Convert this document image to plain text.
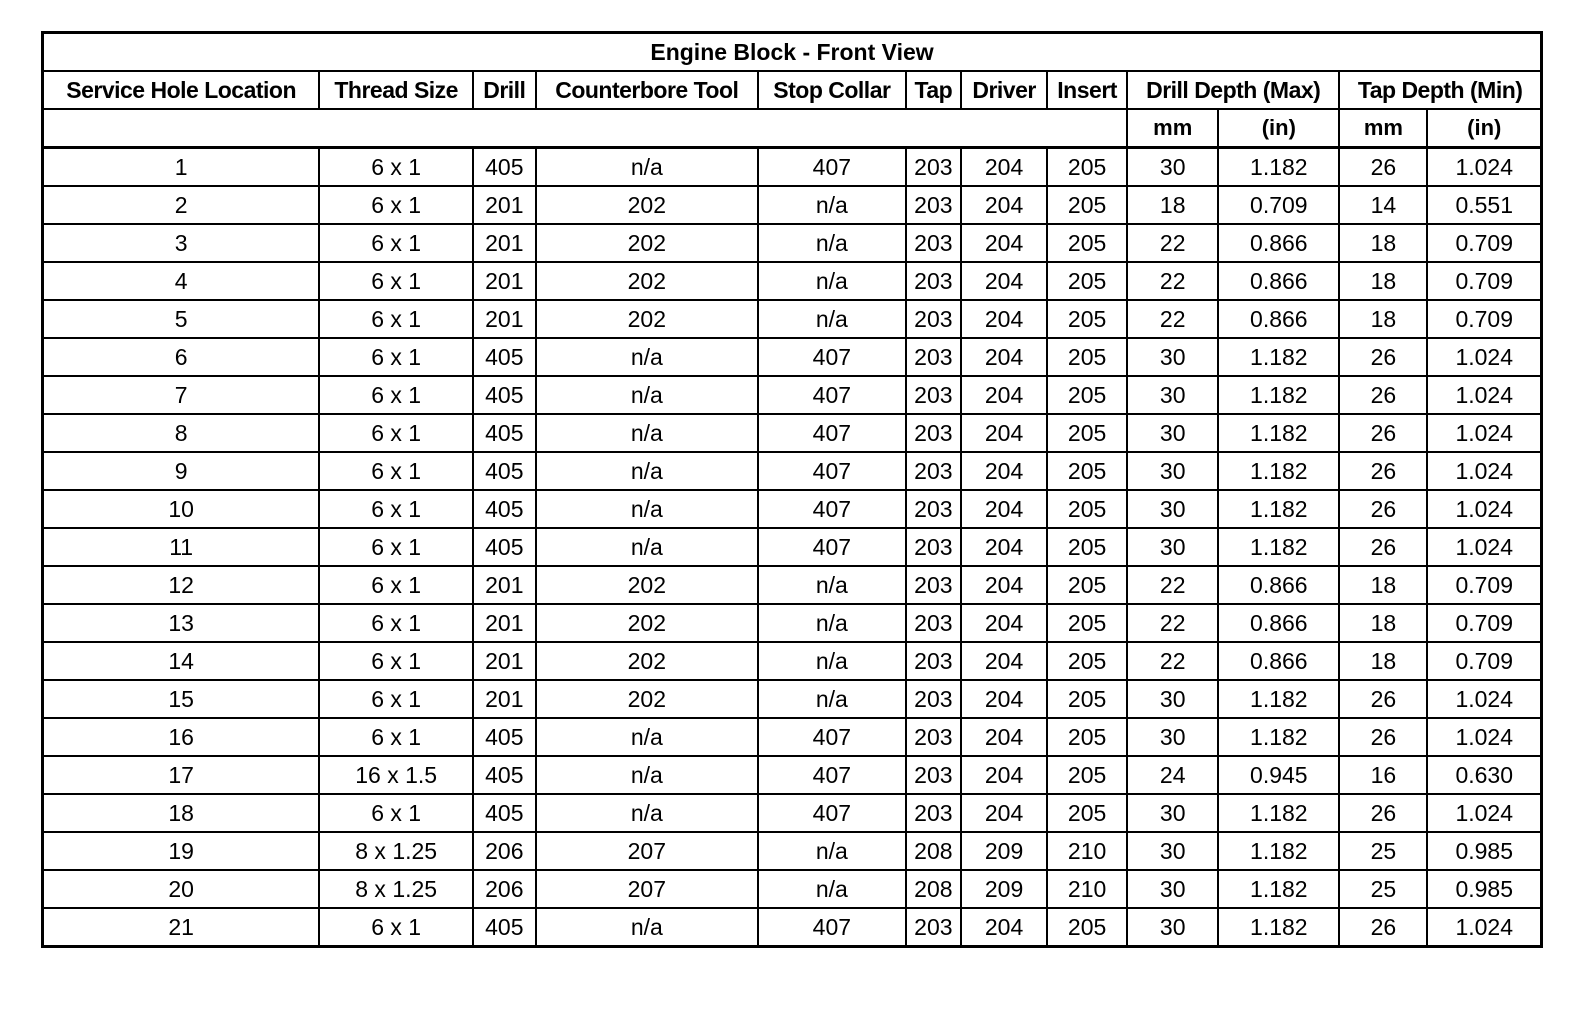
Engine Block - Front View											
Service Hole Location	Thread Size	Drill	Counterbore Tool	Stop Collar	Tap	Driver	Insert	Drill Depth (Max)		Tap Depth (Min)	
								mm	(in)	mm	(in)
1	6 x 1	405	n/a	407	203	204	205	30	1.182	26	1.024
2	6 x 1	201	202	n/a	203	204	205	18	0.709	14	0.551
3	6 x 1	201	202	n/a	203	204	205	22	0.866	18	0.709
4	6 x 1	201	202	n/a	203	204	205	22	0.866	18	0.709
5	6 x 1	201	202	n/a	203	204	205	22	0.866	18	0.709
6	6 x 1	405	n/a	407	203	204	205	30	1.182	26	1.024
7	6 x 1	405	n/a	407	203	204	205	30	1.182	26	1.024
8	6 x 1	405	n/a	407	203	204	205	30	1.182	26	1.024
9	6 x 1	405	n/a	407	203	204	205	30	1.182	26	1.024
10	6 x 1	405	n/a	407	203	204	205	30	1.182	26	1.024
11	6 x 1	405	n/a	407	203	204	205	30	1.182	26	1.024
12	6 x 1	201	202	n/a	203	204	205	22	0.866	18	0.709
13	6 x 1	201	202	n/a	203	204	205	22	0.866	18	0.709
14	6 x 1	201	202	n/a	203	204	205	22	0.866	18	0.709
15	6 x 1	201	202	n/a	203	204	205	30	1.182	26	1.024
16	6 x 1	405	n/a	407	203	204	205	30	1.182	26	1.024
17	16 x 1.5	405	n/a	407	203	204	205	24	0.945	16	0.630
18	6 x 1	405	n/a	407	203	204	205	30	1.182	26	1.024
19	8 x 1.25	206	207	n/a	208	209	210	30	1.182	25	0.985
20	8 x 1.25	206	207	n/a	208	209	210	30	1.182	25	0.985
21	6 x 1	405	n/a	407	203	204	205	30	1.182	26	1.024
